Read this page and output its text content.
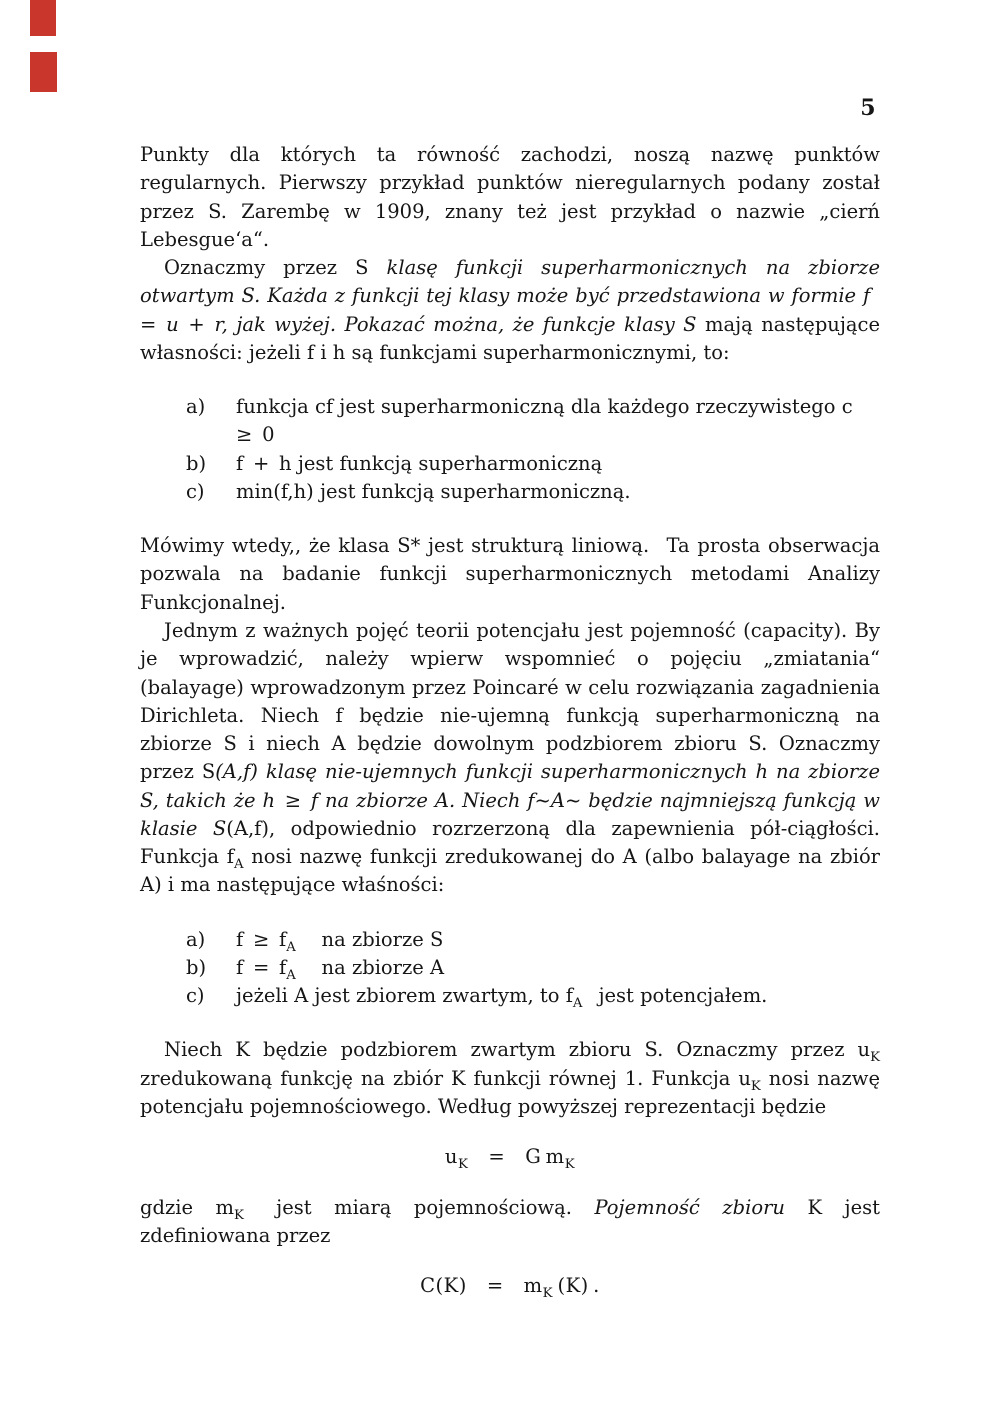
5

Punkty dla których ta równość zachodzi, noszą nazwę punktów regularnych. Pierwszy przykład punktów nieregularnych podany został przez S. Zarembę w 1909, znany też jest przykład o nazwie „cierń Lebesgue‘a“.

Oznaczmy przez S klasę funkcji superharmonicznych na zbiorze otwartym S. Każda z funkcji tej klasy może być przedstawiona w formie f = u + r, jak wyżej. Pokazać można, że funkcje klasy S mają następujące własności: jeżeli f i h są funkcjami superharmonicznymi, to:

a)	funkcja cf jest superharmoniczną dla każdego rzeczywistego c ≥ 0
b)	f + h jest funkcją superharmoniczną
c)	min(f,h) jest funkcją superharmoniczną.

Mówimy wtedy,, że klasa S* jest strukturą liniową.  Ta prosta obserwacja pozwala na badanie funkcji superharmonicznych metodami Analizy Funkcjonalnej.

Jednym z ważnych pojęć teorii potencjału jest pojemność (capacity). By je wprowadzić, należy wpierw wspomnieć o pojęciu „zmiatania“ (balayage) wprowadzonym przez Poincaré w celu rozwiązania zagadnienia Dirichleta. Niech f będzie nie-ujemną funkcją superharmoniczną na zbiorze S i niech A będzie dowolnym podzbiorem zbioru S. Oznaczmy przez S(A,f) klasę nie-ujemnych funkcji superharmonicznych h na zbiorze S, takich że h ≥ f na zbiorze A. Niech f~A~ będzie najmniejszą funkcją w klasie S(A,f), odpowiednio rozrzerzoną dla zapewnienia pół-ciągłości. Funkcja $f_A$ nosi nazwę funkcji zredukowanej do A (albo balayage na zbiór A) i ma następujące właśności:

a)	f ≥ $f_A$  na zbiorze S
b)	f = $f_A$  na zbiorze A
c)	jeżeli A jest zbiorem zwartym, to $f_A$  jest potencjałem.

Niech K będzie podzbiorem zwartym zbioru S. Oznaczmy przez $u_K$ zredukowaną funkcję na zbiór K funkcji równej 1. Funkcja $u_K$ nosi nazwę potencjału pojemnościowego. Według powyższej reprezentacji będzie

$u_K$ = G $m_K$

gdzie $m_K$  jest miarą pojemnościową. Pojemność zbioru K jest zdefiniowana przez

C(K) = $m_K$ (K) .
